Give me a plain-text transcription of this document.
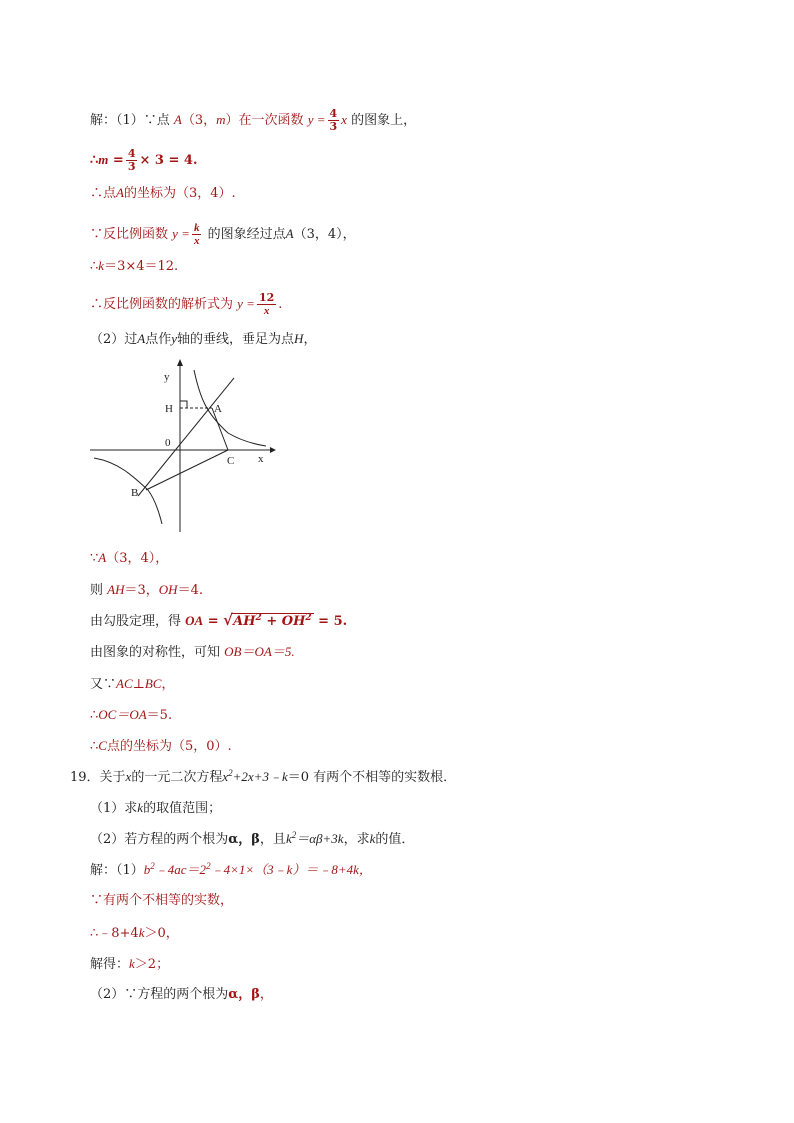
解：（1）∵点 A（3，m）在一次函数 $y = \frac{4}{3}$ x 的图象上，
∴m = $\frac{4}{3} \times 3 = 4$.
∴点A的坐标为（3，4）.
∵反比例函数 $y = \frac{k}{x}$ 的图象经过点A（3，4），
∴k＝3×4＝12.
∴反比例函数的解析式为 $y = \frac{12}{x}$ .
（2）过A点作y轴的垂线，垂足为点H，
y
x
H	A
0
C
B
∵A（3，4），
则 AH＝3，OH＝4.
由勾股定理，得 OA = √ $AH^2 + OH^2 = 5$.
由图象的对称性，可知 OB＝OA＝5.
又∵AC⊥BC，
∴OC＝OA＝5.
∴C点的坐标为（5，0）.
19．关于x的一元二次方程$x^2+2x+3﹣k=0$ 有两个不相等的实数根．
（1）求k的取值范围；
（2）若方程的两个根为α，β，且$k^2=\alpha\beta+3k$，求k的值．
解：$(1)b^2﹣4ac=2^2﹣4\times 1\times(3﹣k)=﹣8+4k$，
∵有两个不相等的实数，
∴﹣8+4k＞0，
解得：k＞2；
（2）∵方程的两个根为α，β，
